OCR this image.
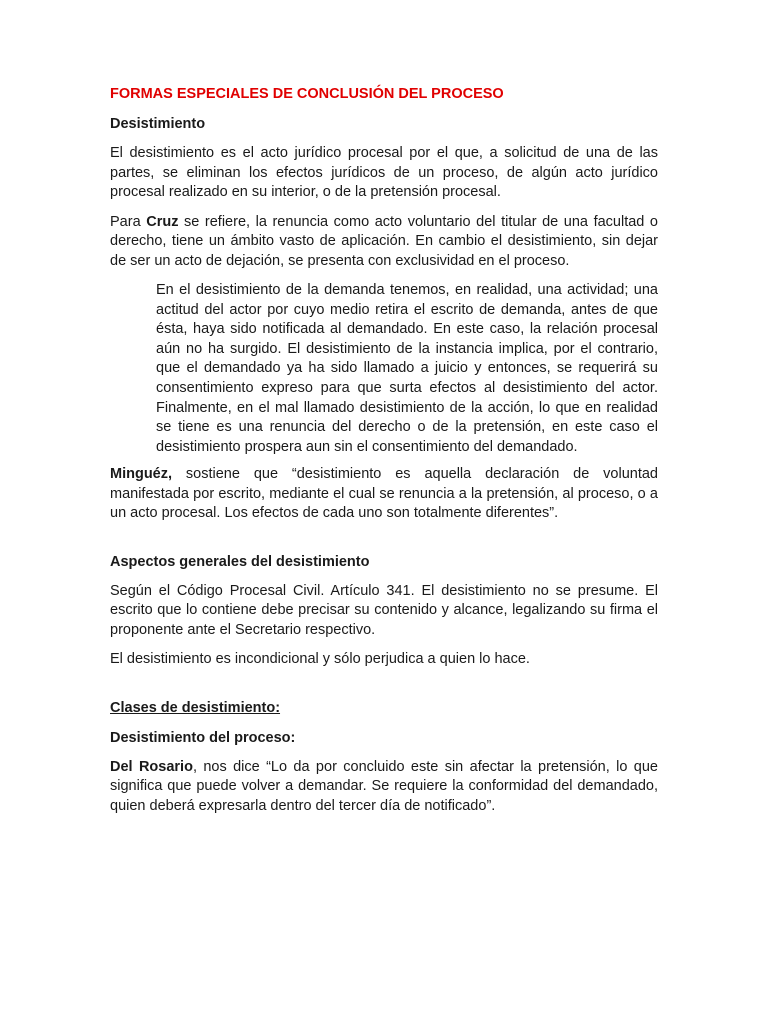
FORMAS ESPECIALES DE CONCLUSIÓN DEL PROCESO
Desistimiento

El desistimiento es el acto jurídico procesal por el que, a solicitud de una de las partes, se eliminan los efectos jurídicos de un proceso, de algún acto jurídico procesal realizado en su interior, o de la pretensión procesal.

Para Cruz se refiere, la renuncia como acto voluntario del titular de una facultad o derecho, tiene un ámbito vasto de aplicación. En cambio el desistimiento, sin dejar de ser un acto de dejación, se presenta con exclusividad en el proceso.

En el desistimiento de la demanda tenemos, en realidad, una actividad; una actitud del actor por cuyo medio retira el escrito de demanda, antes de que ésta, haya sido notificada al demandado. En este caso, la relación procesal aún no ha surgido. El desistimiento de la instancia implica, por el contrario, que el demandado ya ha sido llamado a juicio y entonces, se requerirá su consentimiento expreso para que surta efectos al desistimiento del actor. Finalmente, en el mal llamado desistimiento de la acción, lo que en realidad se tiene es una renuncia del derecho o de la pretensión, en este caso el desistimiento prospera aun sin el consentimiento del demandado.

Minguéz, sostiene que “desistimiento es aquella declaración de voluntad manifestada por escrito, mediante el cual se renuncia a la pretensión, al proceso, o a un acto procesal. Los efectos de cada uno son totalmente diferentes”.

Aspectos generales del desistimiento

Según el Código Procesal Civil. Artículo 341. El desistimiento no se presume. El escrito que lo contiene debe precisar su contenido y alcance, legalizando su firma el proponente ante el Secretario respectivo.

El desistimiento es incondicional y sólo perjudica a quien lo hace.

Clases de desistimiento:
Desistimiento del proceso:

Del Rosario, nos dice “Lo da por concluido este sin afectar la pretensión, lo que significa que puede volver a demandar. Se requiere la conformidad del demandado, quien deberá expresarla dentro del tercer día de notificado”.
